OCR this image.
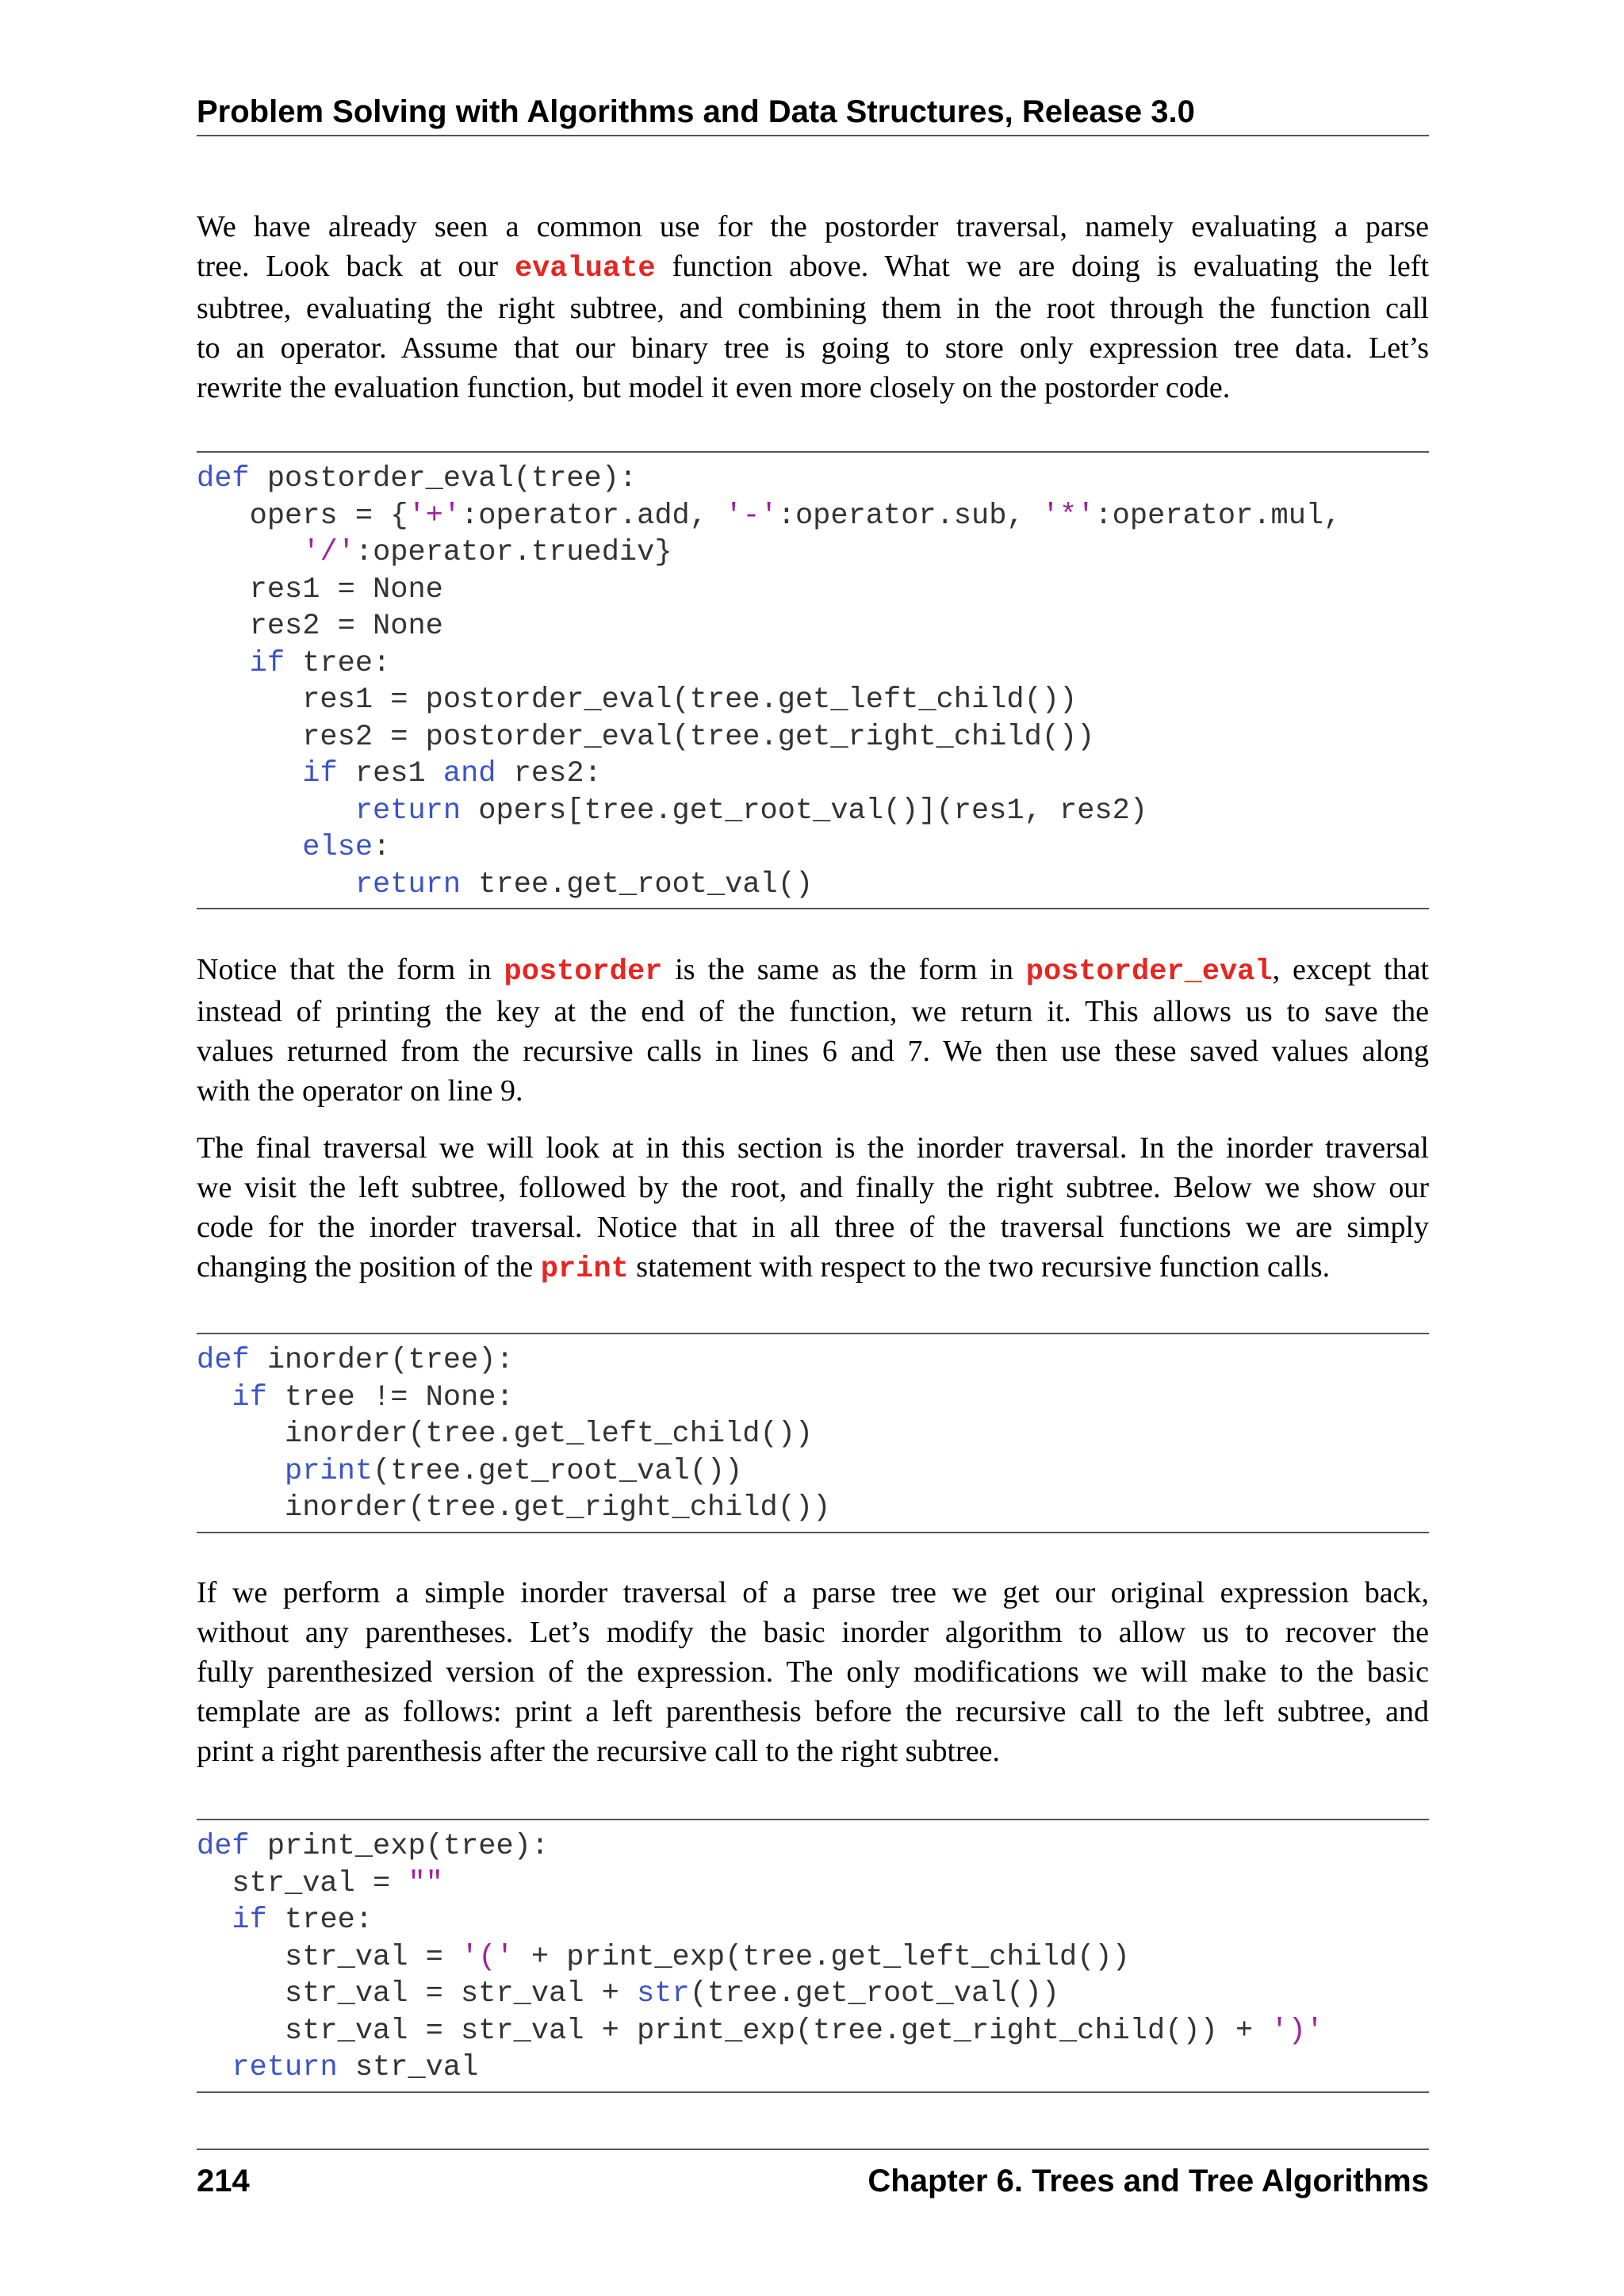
Problem Solving with Algorithms and Data Structures, Release 3.0
We have already seen a common use for the postorder traversal, namely evaluating a parse
tree. Look back at our evaluate function above. What we are doing is evaluating the left
subtree, evaluating the right subtree, and combining them in the root through the function call
to an operator. Assume that our binary tree is going to store only expression tree data. Let’s
rewrite the evaluation function, but model it even more closely on the postorder code.
def postorder_eval(tree):
opers = {'+':operator.add, '-':operator.sub, '*':operator.mul,
'/':operator.truediv}
res1 = None
res2 = None
if tree:
res1 = postorder_eval(tree.get_left_child())
res2 = postorder_eval(tree.get_right_child())
if res1 and res2:
return opers[tree.get_root_val()](res1, res2)
else:
return tree.get_root_val()
Notice that the form in postorder is the same as the form in postorder_eval, except that
instead of printing the key at the end of the function, we return it. This allows us to save the
values returned from the recursive calls in lines 6 and 7. We then use these saved values along
with the operator on line 9.
The final traversal we will look at in this section is the inorder traversal. In the inorder traversal
we visit the left subtree, followed by the root, and finally the right subtree. Below we show our
code for the inorder traversal. Notice that in all three of the traversal functions we are simply
changing the position of the print statement with respect to the two recursive function calls.
def inorder(tree):
if tree != None:
inorder(tree.get_left_child())
print(tree.get_root_val())
inorder(tree.get_right_child())
If we perform a simple inorder traversal of a parse tree we get our original expression back,
without any parentheses. Let’s modify the basic inorder algorithm to allow us to recover the
fully parenthesized version of the expression. The only modifications we will make to the basic
template are as follows: print a left parenthesis before the recursive call to the left subtree, and
print a right parenthesis after the recursive call to the right subtree.
def print_exp(tree):
str_val = ""
if tree:
str_val = '(' + print_exp(tree.get_left_child())
str_val = str_val + str(tree.get_root_val())
str_val = str_val + print_exp(tree.get_right_child()) + ')'
return str_val
214	Chapter 6. Trees and Tree Algorithms
